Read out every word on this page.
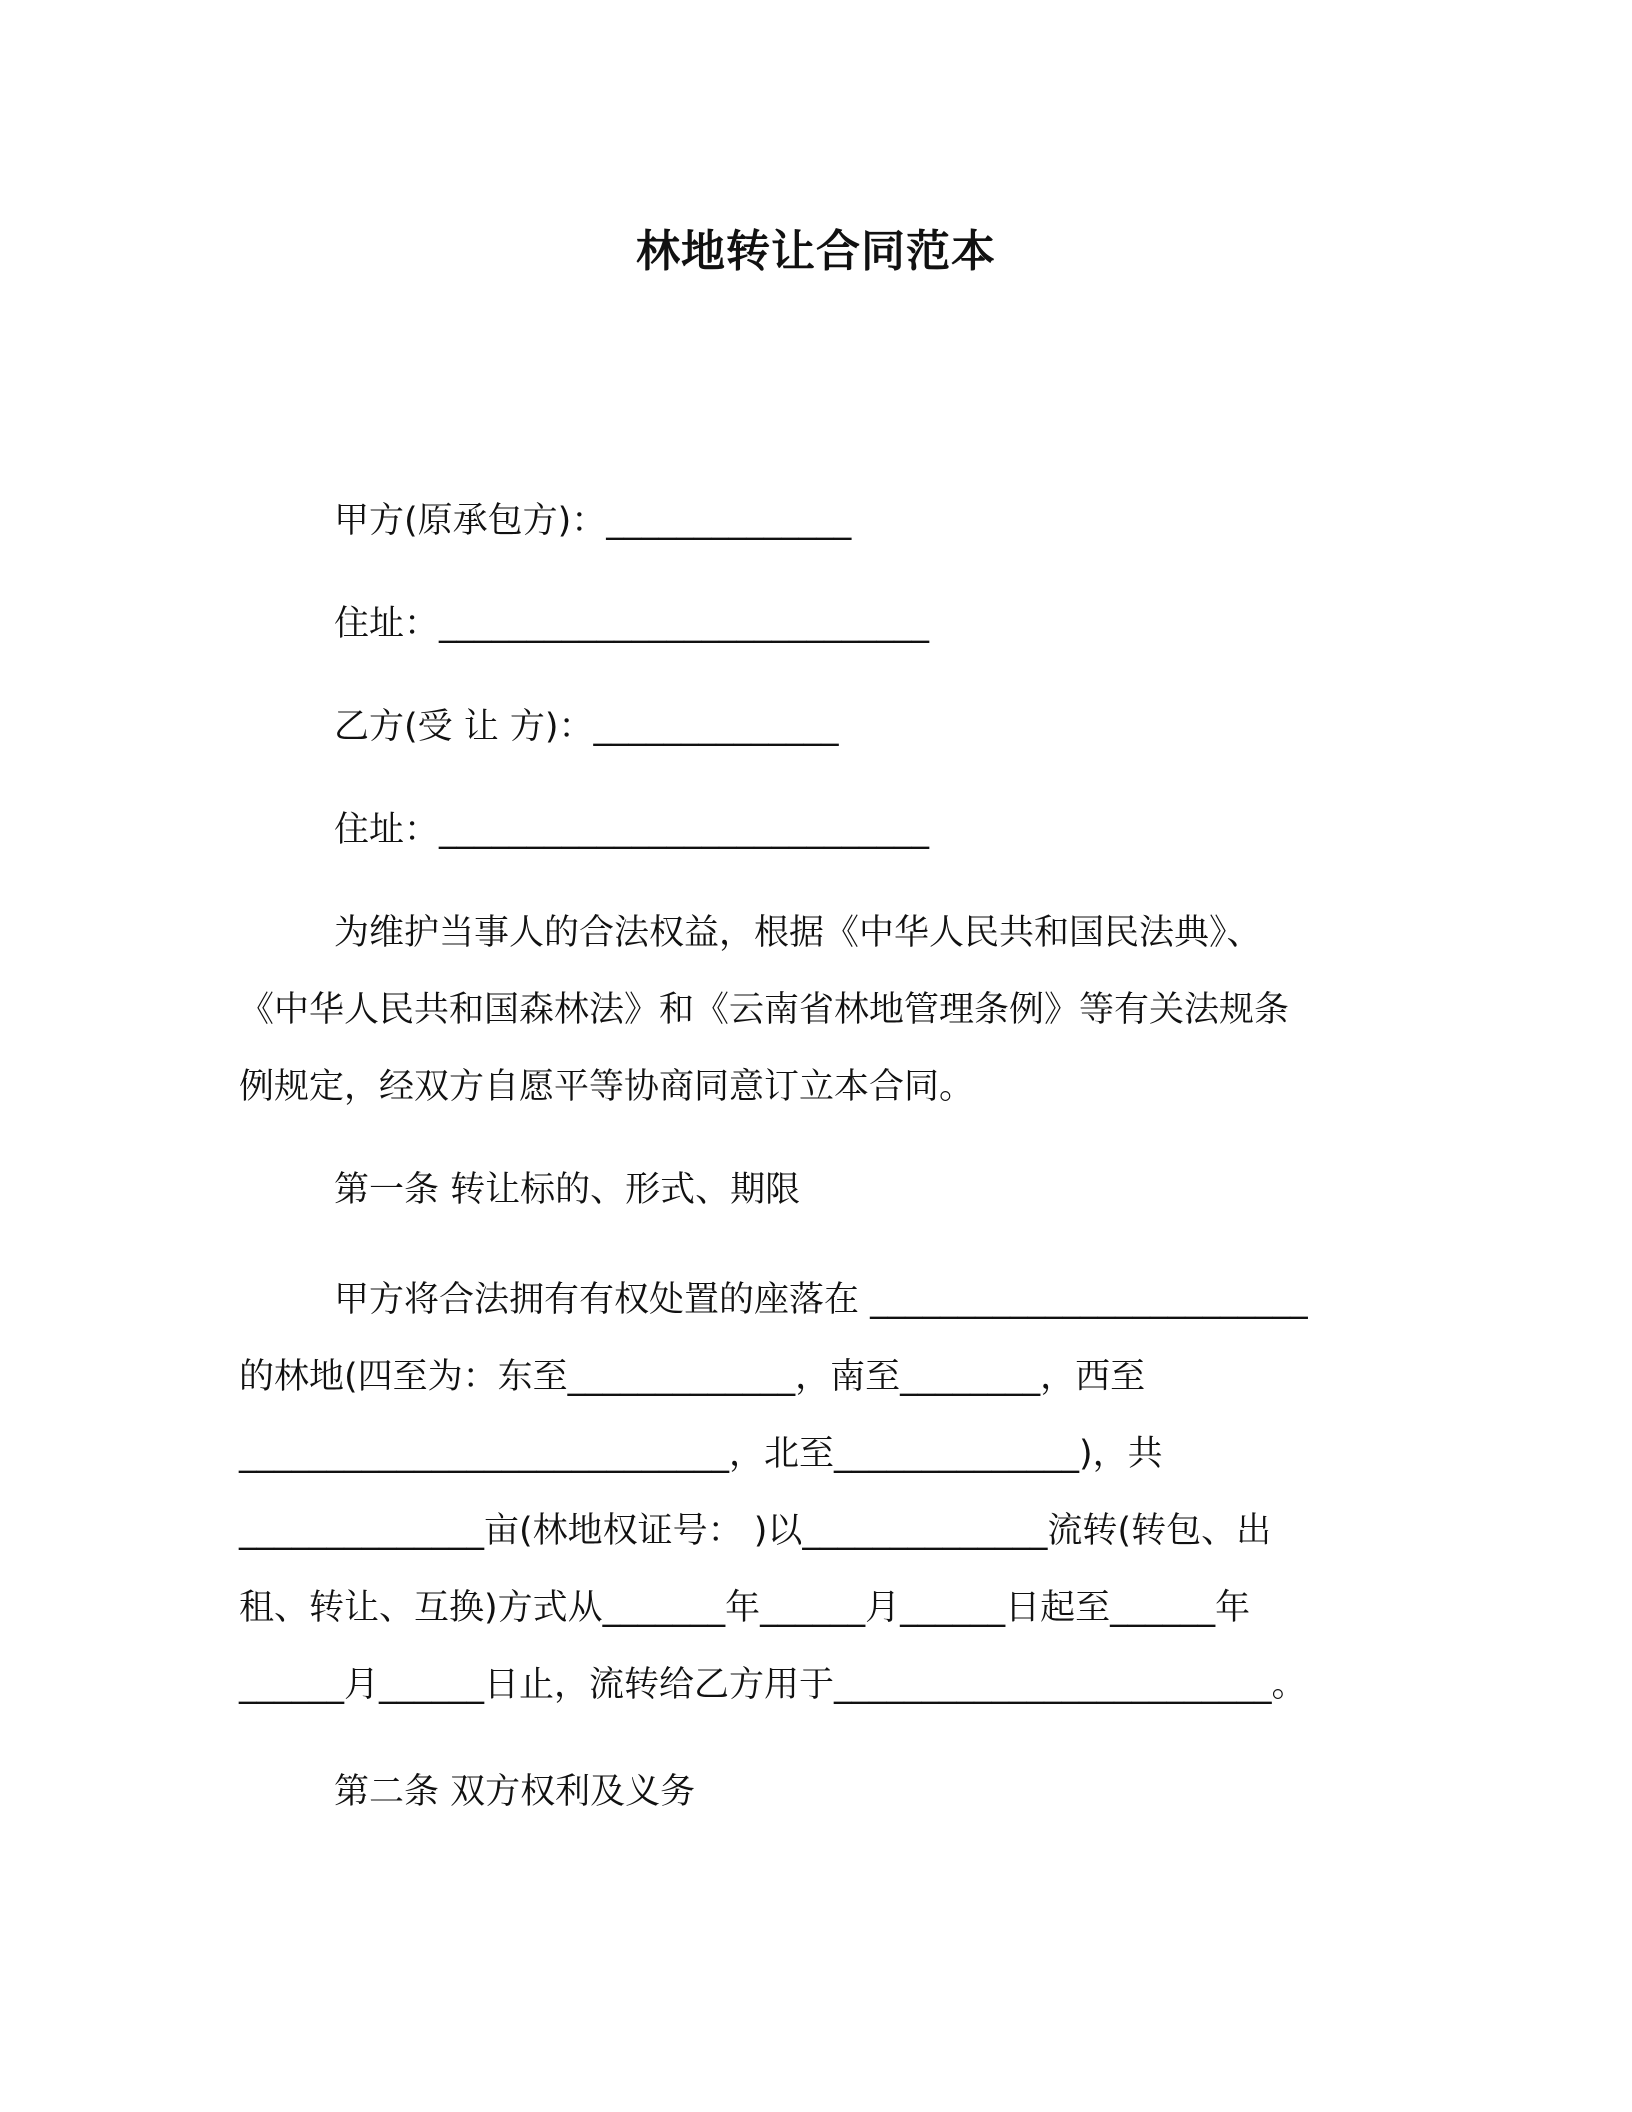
林地转让合同范本
甲方(原承包方)：______________
住址：____________________________
乙方(受 让 方)：______________
住址：____________________________
为维护当事人的合法权益，根据《中华人民共和国民法典》、
《中华人民共和国森林法》和《云南省林地管理条例》等有关法规条
例规定，经双方自愿平等协商同意订立本合同。
第一条 转让标的、形式、期限
甲方将合法拥有有权处置的座落在 _________________________
的林地(四至为：东至_____________，南至________，西至
____________________________，北至______________)，共
______________亩(林地权证号： )以______________流转(转包、出
租、转让、互换)方式从_______年______月______日起至______年
______月______日止，流转给乙方用于_________________________。
第二条 双方权利及义务
